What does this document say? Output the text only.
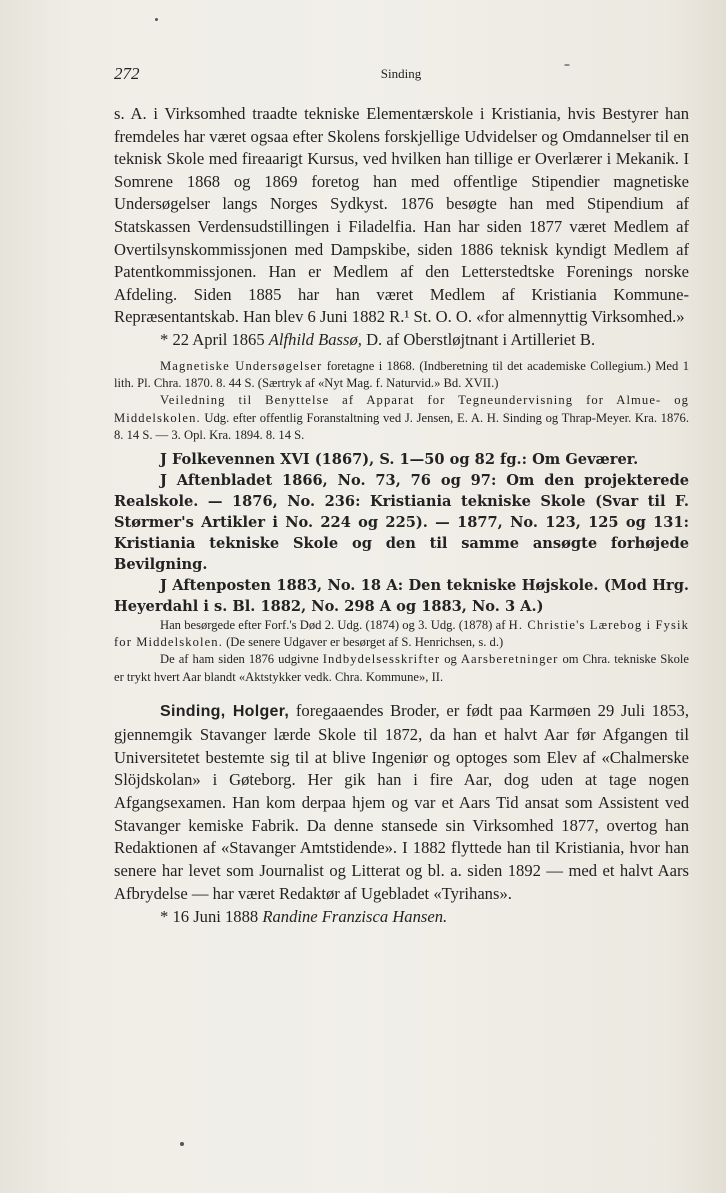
272	Sinding

s. A. i Virksomhed traadte tekniske Elementærskole i Kristiania, hvis Bestyrer han fremdeles har været ogsaa efter Skolens forskjellige Udvidelser og Omdannelser til en teknisk Skole med fireaarigt Kursus, ved hvilken han tillige er Overlærer i Mekanik. I Somrene 1868 og 1869 foretog han med offentlige Stipendier magnetiske Undersøgelser langs Norges Sydkyst. 1876 besøgte han med Stipendium af Statskassen Verdensudstillingen i Filadelfia. Han har siden 1877 været Medlem af Overtilsynskommissjonen med Dampskibe, siden 1886 teknisk kyndigt Medlem af Patentkommissjonen. Han er Medlem af den Letterstedtske Forenings norske Afdeling. Siden 1885 har han været Medlem af Kristiania Kommune-Repræsentantskab. Han blev 6 Juni 1882 R.¹ St. O. O. «for almennyttig Virksomhed.»

* 22 April 1865 Alfhild Bassø, D. af Oberstløjtnant i Artilleriet B.

Magnetiske Undersøgelser foretagne i 1868. (Indberetning til det academiske Collegium.) Med 1 lith. Pl. Chra. 1870. 8. 44 S. (Særtryk af «Nyt Mag. f. Naturvid.» Bd. XVII.)

Veiledning til Benyttelse af Apparat for Tegneundervisning for Almue- og Middelskolen. Udg. efter offentlig Foranstaltning ved J. Jensen, E. A. H. Sinding og Thrap-Meyer. Kra. 1876. 8. 14 S. — 3. Opl. Kra. 1894. 8. 14 S.

J Folkevennen XVI (1867), S. 1—50 og 82 fg.: Om Geværer.

J Aftenbladet 1866, No. 73, 76 og 97: Om den projekterede Realskole. — 1876, No. 236: Kristiania tekniske Skole (Svar til F. Størmer's Artikler i No. 224 og 225). — 1877, No. 123, 125 og 131: Kristiania tekniske Skole og den til samme ansøgte forhøjede Bevilgning.

J Aftenposten 1883, No. 18 A: Den tekniske Højskole. (Mod Hrg. Heyerdahl i s. Bl. 1882, No. 298 A og 1883, No. 3 A.)

Han besørgede efter Forf.'s Død 2. Udg. (1874) og 3. Udg. (1878) af H. Christie's Lærebog i Fysik for Middelskolen. (De senere Udgaver er besørget af S. Henrichsen, s. d.)

De af ham siden 1876 udgivne Indbydelsesskrifter og Aarsberetninger om Chra. tekniske Skole er trykt hvert Aar blandt «Aktstykker vedk. Chra. Kommune», II.

Sinding, Holger, foregaaendes Broder, er født paa Karmøen 29 Juli 1853, gjennemgik Stavanger lærde Skole til 1872, da han et halvt Aar før Afgangen til Universitetet bestemte sig til at blive Ingeniør og optoges som Elev af «Chalmerske Slöjdskolan» i Gøteborg. Her gik han i fire Aar, dog uden at tage nogen Afgangsexamen. Han kom derpaa hjem og var et Aars Tid ansat som Assistent ved Stavanger kemiske Fabrik. Da denne stansede sin Virksomhed 1877, overtog han Redaktionen af «Stavanger Amtstidende». I 1882 flyttede han til Kristiania, hvor han senere har levet som Journalist og Litterat og bl. a. siden 1892 — med et halvt Aars Afbrydelse — har været Redaktør af Ugebladet «Tyrihans».

* 16 Juni 1888 Randine Franzisca Hansen.
